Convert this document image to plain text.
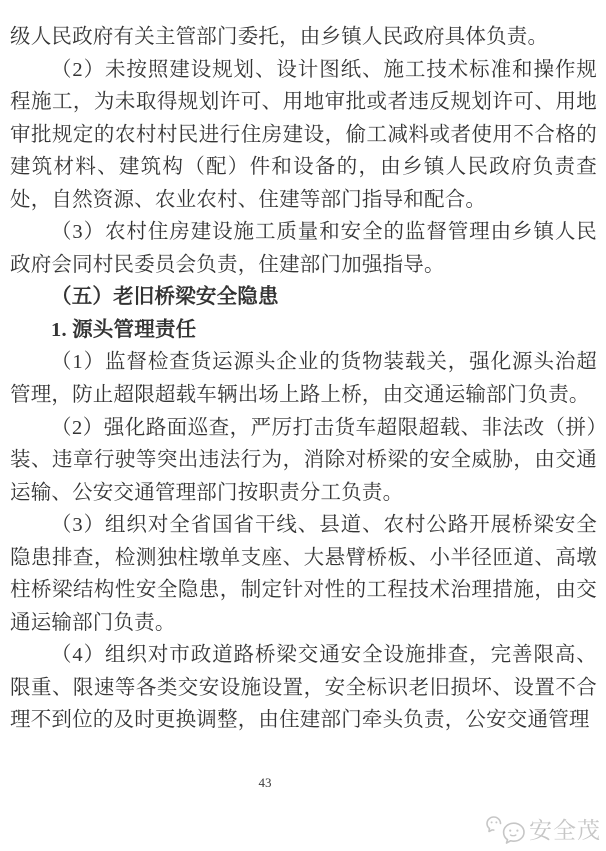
级人民政府有关主管部门委托，由乡镇人民政府具体负责。

（2）未按照建设规划、设计图纸、施工技术标准和操作规程施工，为未取得规划许可、用地审批或者违反规划许可、用地审批规定的农村村民进行住房建设，偷工减料或者使用不合格的建筑材料、建筑构（配）件和设备的，由乡镇人民政府负责查处，自然资源、农业农村、住建等部门指导和配合。

（3）农村住房建设施工质量和安全的监督管理由乡镇人民政府会同村民委员会负责，住建部门加强指导。

（五）老旧桥梁安全隐患

1. 源头管理责任

（1）监督检查货运源头企业的货物装载关，强化源头治超管理，防止超限超载车辆出场上路上桥，由交通运输部门负责。

（2）强化路面巡查，严厉打击货车超限超载、非法改（拼）装、违章行驶等突出违法行为，消除对桥梁的安全威胁，由交通运输、公安交通管理部门按职责分工负责。

（3）组织对全省国省干线、县道、农村公路开展桥梁安全隐患排查，检测独柱墩单支座、大悬臂桥板、小半径匝道、高墩柱桥梁结构性安全隐患，制定针对性的工程技术治理措施，由交通运输部门负责。

（4）组织对市政道路桥梁交通安全设施排查，完善限高、限重、限速等各类交安设施设置，安全标识老旧损坏、设置不合理不到位的及时更换调整，由住建部门牵头负责，公安交通管理

43
安全茂
